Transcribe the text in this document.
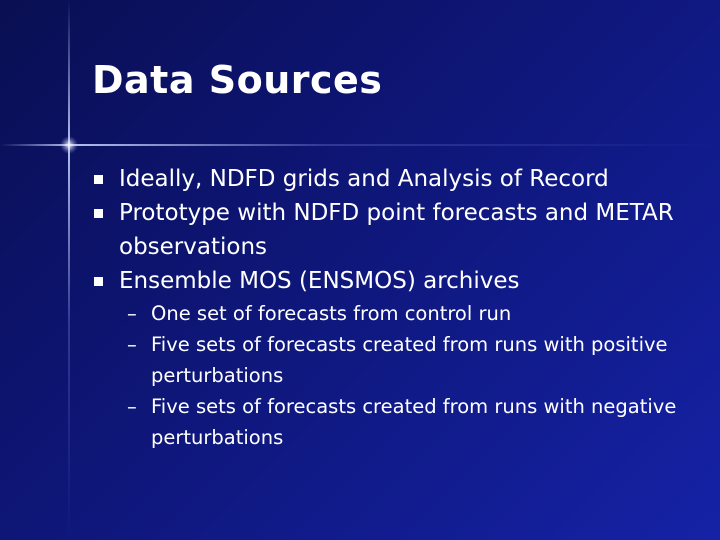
Data Sources

Ideally, NDFD grids and Analysis of Record

Prototype with NDFD point forecasts and METAR observations

Ensemble MOS (ENSMOS) archives

– One set of forecasts from control run
– Five sets of forecasts created from runs with positive perturbations
– Five sets of forecasts created from runs with negative perturbations
